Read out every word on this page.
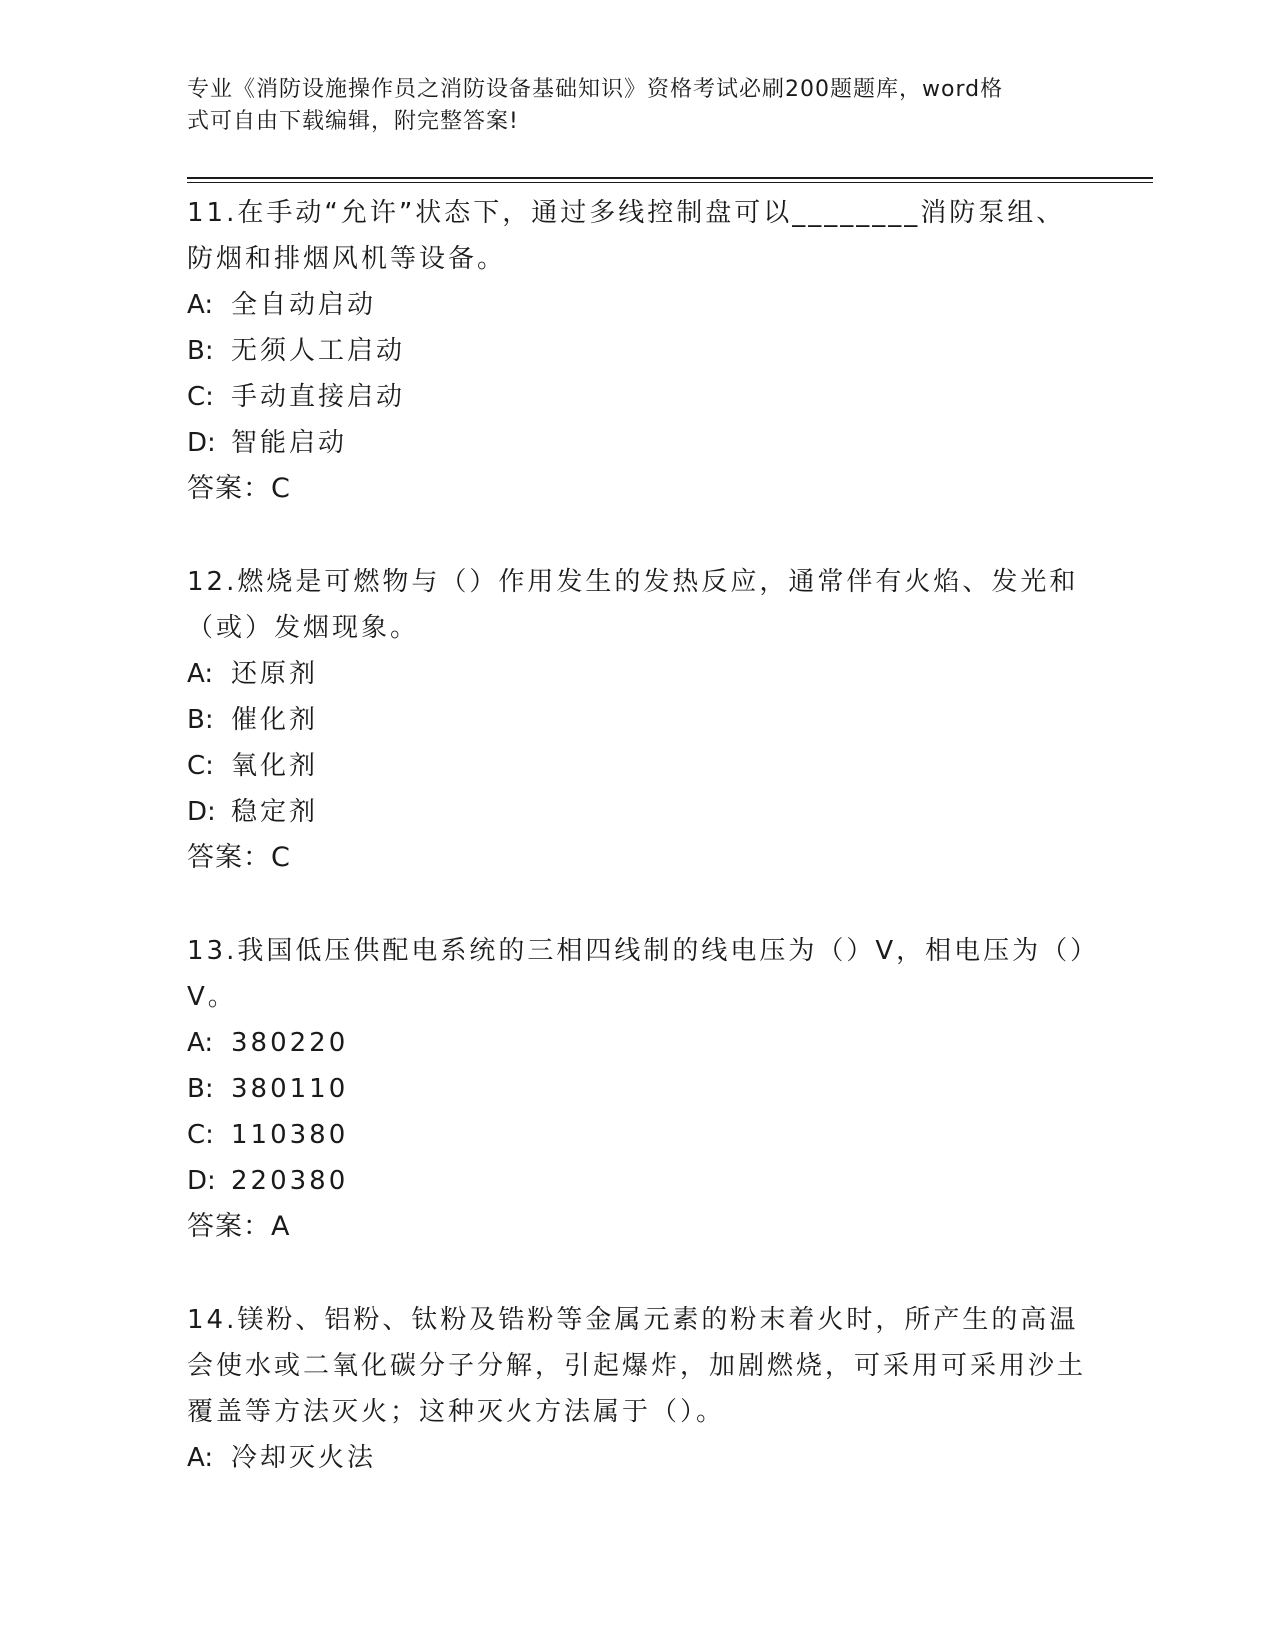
专业《消防设施操作员之消防设备基础知识》资格考试必刷200题题库，word格
式可自由下载编辑，附完整答案!

11.在手动“允许”状态下，通过多线控制盘可以________消防泵组、防烟和排烟风机等设备。

A: 全自动启动

B: 无须人工启动

C: 手动直接启动

D: 智能启动

答案：C

12.燃烧是可燃物与（）作用发生的发热反应，通常伴有火焰、发光和（或）发烟现象。

A: 还原剂

B: 催化剂

C: 氧化剂

D: 稳定剂

答案：C

13.我国低压供配电系统的三相四线制的线电压为（）V，相电压为（）V。

A: 380220

B: 380110

C: 110380

D: 220380

答案：A

14.镁粉、铝粉、钛粉及锆粉等金属元素的粉末着火时，所产生的高温会使水或二氧化碳分子分解，引起爆炸，加剧燃烧，可采用可采用沙土覆盖等方法灭火；这种灭火方法属于（）。

A: 冷却灭火法
